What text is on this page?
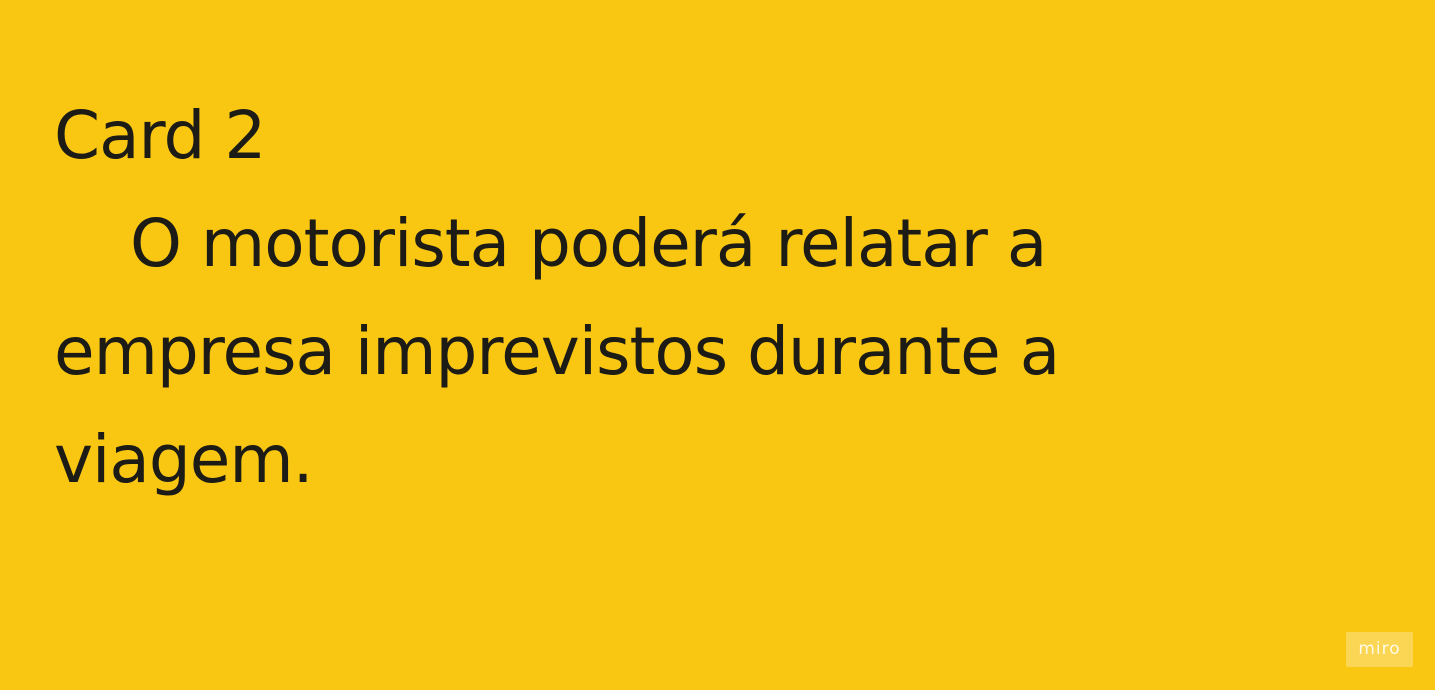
Card 2
O motorista poderá relatar a
empresa imprevistos durante a
viagem.

miro
